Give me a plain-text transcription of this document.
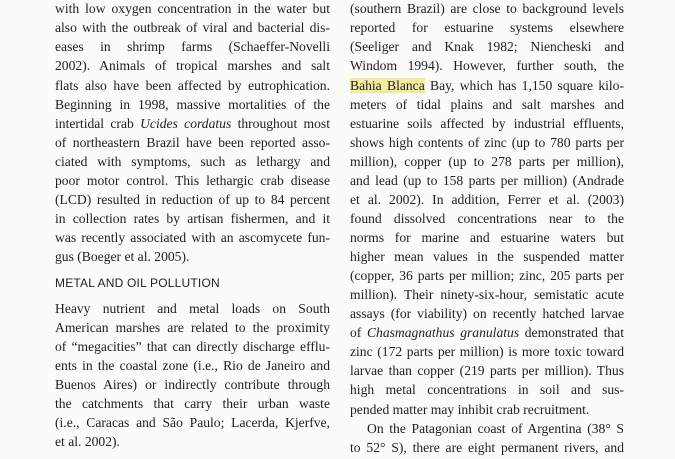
with low oxygen concentration in the water but
also with the outbreak of viral and bacterial dis-
eases in shrimp farms (Schaeffer-Novelli
2002). Animals of tropical marshes and salt
flats also have been affected by eutrophication.
Beginning in 1998, massive mortalities of the
intertidal crab Ucides cordatus throughout most
of northeastern Brazil have been reported asso-
ciated with symptoms, such as lethargy and
poor motor control. This lethargic crab disease
(LCD) resulted in reduction of up to 84 percent
in collection rates by artisan fishermen, and it
was recently associated with an ascomycete fun-
gus (Boeger et al. 2005).
METAL AND OIL POLLUTION
Heavy nutrient and metal loads on South
American marshes are related to the proximity
of “megacities” that can directly discharge efflu-
ents in the coastal zone (i.e., Rio de Janeiro and
Buenos Aires) or indirectly contribute through
the catchments that carry their urban waste
(i.e., Caracas and São Paulo; Lacerda, Kjerfve,
et al. 2002).
(southern Brazil) are close to background levels
reported for estuarine systems elsewhere
(Seeliger and Knak 1982; Niencheski and
Windom 1994). However, further south, the
Bahia Blanca Bay, which has 1,150 square kilo-
meters of tidal plains and salt marshes and
estuarine soils affected by industrial effluents,
shows high contents of zinc (up to 780 parts per
million), copper (up to 278 parts per million),
and lead (up to 158 parts per million) (Andrade
et al. 2002). In addition, Ferrer et al. (2003)
found dissolved concentrations near to the
norms for marine and estuarine waters but
higher mean values in the suspended matter
(copper, 36 parts per million; zinc, 205 parts per
million). Their ninety-six-hour, semistatic acute
assays (for viability) on recently hatched larvae
of Chasmagnathus granulatus demonstrated that
zinc (172 parts per million) is more toxic toward
larvae than copper (219 parts per million). Thus
high metal concentrations in soil and sus-
pended matter may inhibit crab recruitment.
On the Patagonian coast of Argentina (38° S
to 52° S), there are eight permanent rivers, and
